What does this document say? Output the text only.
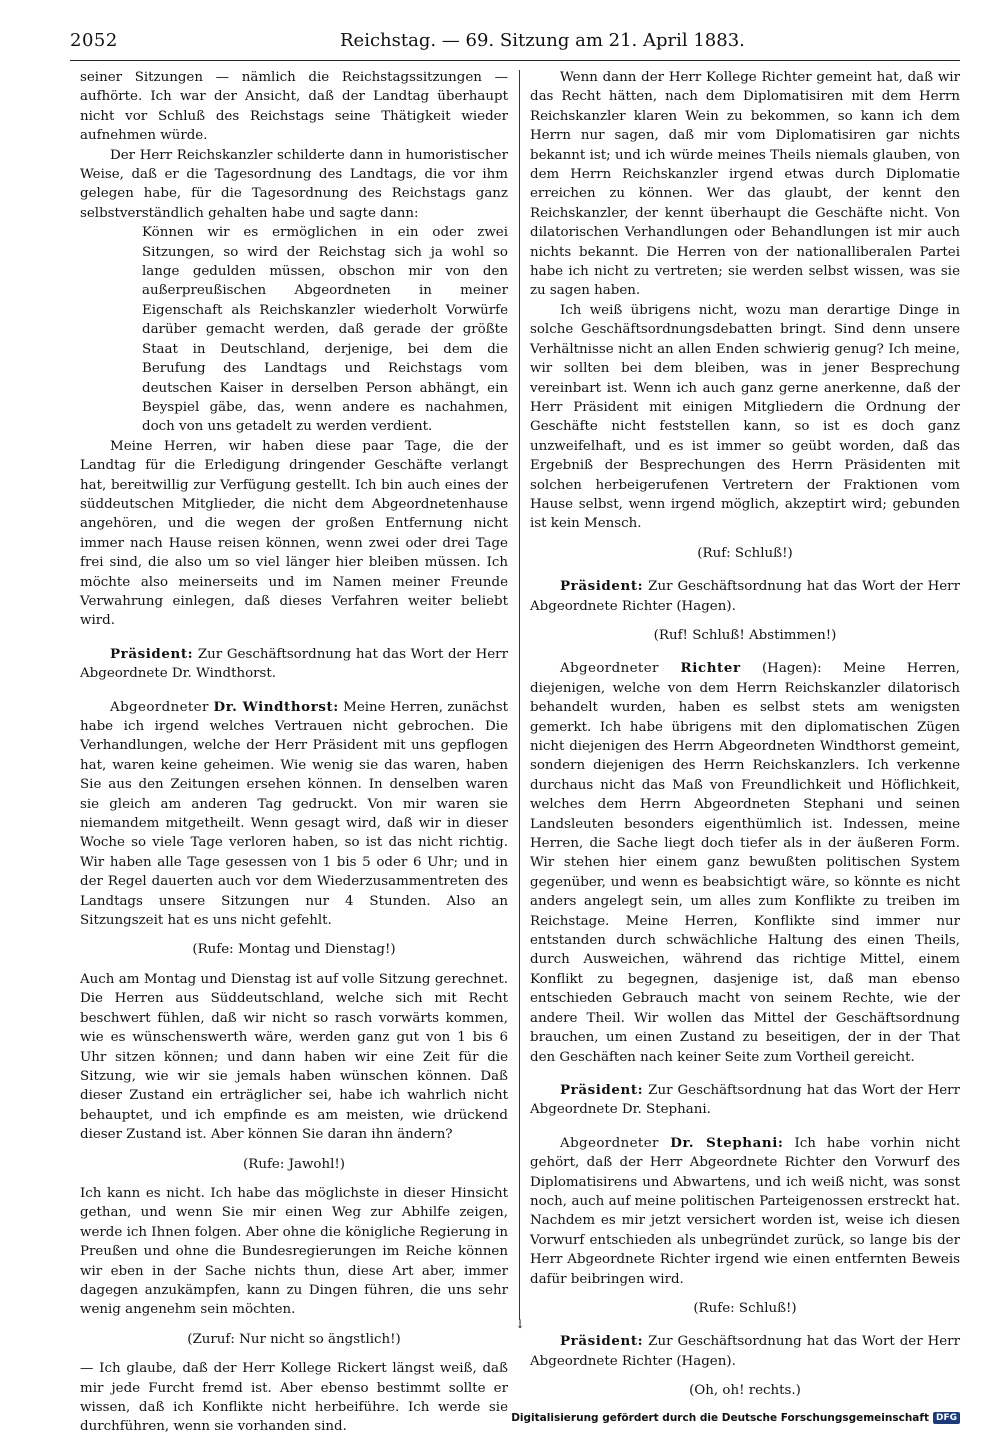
2052	Reichstag. — 69. Sitzung am 21. April 1883.

seiner Sitzungen — nämlich die Reichstagssitzungen — aufhörte. Ich war der Ansicht, daß der Landtag überhaupt nicht vor Schluß des Reichstags seine Thätigkeit wieder aufnehmen würde.

Der Herr Reichskanzler schilderte dann in humoristischer Weise, daß er die Tagesordnung des Landtags, die vor ihm gelegen habe, für die Tagesordnung des Reichstags ganz selbstverständlich gehalten habe und sagte dann:

Können wir es ermöglichen in ein oder zwei Sitzungen, so wird der Reichstag sich ja wohl so lange gedulden müssen, obschon mir von den außerpreußischen Abgeordneten in meiner Eigenschaft als Reichskanzler wiederholt Vorwürfe darüber gemacht werden, daß gerade der größte Staat in Deutschland, derjenige, bei dem die Berufung des Landtags und Reichstags vom deutschen Kaiser in derselben Person abhängt, ein Beyspiel gäbe, das, wenn andere es nachahmen, doch von uns getadelt zu werden verdient.

Meine Herren, wir haben diese paar Tage, die der Landtag für die Erledigung dringender Geschäfte verlangt hat, bereitwillig zur Verfügung gestellt. Ich bin auch eines der süddeutschen Mitglieder, die nicht dem Abgeordnetenhause angehören, und die wegen der großen Entfernung nicht immer nach Hause reisen können, wenn zwei oder drei Tage frei sind, die also um so viel länger hier bleiben müssen. Ich möchte also meinerseits und im Namen meiner Freunde Verwahrung einlegen, daß dieses Verfahren weiter beliebt wird.

Präsident: Zur Geschäftsordnung hat das Wort der Herr Abgeordnete Dr. Windthorst.

Abgeordneter Dr. Windthorst: Meine Herren, zunächst habe ich irgend welches Vertrauen nicht gebrochen. Die Verhandlungen, welche der Herr Präsident mit uns gepflogen hat, waren keine geheimen. Wie wenig sie das waren, haben Sie aus den Zeitungen ersehen können. In denselben waren sie gleich am anderen Tag gedruckt. Von mir waren sie niemandem mitgetheilt. Wenn gesagt wird, daß wir in dieser Woche so viele Tage verloren haben, so ist das nicht richtig. Wir haben alle Tage gesessen von 1 bis 5 oder 6 Uhr; und in der Regel dauerten auch vor dem Wiederzusammentreten des Landtags unsere Sitzungen nur 4 Stunden. Also an Sitzungszeit hat es uns nicht gefehlt.

(Rufe: Montag und Dienstag!)

Auch am Montag und Dienstag ist auf volle Sitzung gerechnet. Die Herren aus Süddeutschland, welche sich mit Recht beschwert fühlen, daß wir nicht so rasch vorwärts kommen, wie es wünschenswerth wäre, werden ganz gut von 1 bis 6 Uhr sitzen können; und dann haben wir eine Zeit für die Sitzung, wie wir sie jemals haben wünschen können. Daß dieser Zustand ein erträglicher sei, habe ich wahrlich nicht behauptet, und ich empfinde es am meisten, wie drückend dieser Zustand ist. Aber können Sie daran ihn ändern?

(Rufe: Jawohl!)

Ich kann es nicht. Ich habe das möglichste in dieser Hinsicht gethan, und wenn Sie mir einen Weg zur Abhilfe zeigen, werde ich Ihnen folgen. Aber ohne die königliche Regierung in Preußen und ohne die Bundesregierungen im Reiche können wir eben in der Sache nichts thun, diese Art aber, immer dagegen anzukämpfen, kann zu Dingen führen, die uns sehr wenig angenehm sein möchten.

(Zuruf: Nur nicht so ängstlich!)

— Ich glaube, daß der Herr Kollege Rickert längst weiß, daß mir jede Furcht fremd ist. Aber ebenso bestimmt sollte er wissen, daß ich Konflikte nicht herbeiführe. Ich werde sie durchführen, wenn sie vorhanden sind.

↓

Wenn dann der Herr Kollege Richter gemeint hat, daß wir das Recht hätten, nach dem Diplomatisiren mit dem Herrn Reichskanzler klaren Wein zu bekommen, so kann ich dem Herrn nur sagen, daß mir vom Diplomatisiren gar nichts bekannt ist; und ich würde meines Theils niemals glauben, von dem Herrn Reichskanzler irgend etwas durch Diplomatie erreichen zu können. Wer das glaubt, der kennt den Reichskanzler, der kennt überhaupt die Geschäfte nicht. Von dilatorischen Verhandlungen oder Behandlungen ist mir auch nichts bekannt. Die Herren von der nationalliberalen Partei habe ich nicht zu vertreten; sie werden selbst wissen, was sie zu sagen haben.

Ich weiß übrigens nicht, wozu man derartige Dinge in solche Geschäftsordnungsdebatten bringt. Sind denn unsere Verhältnisse nicht an allen Enden schwierig genug? Ich meine, wir sollten bei dem bleiben, was in jener Besprechung vereinbart ist. Wenn ich auch ganz gerne anerkenne, daß der Herr Präsident mit einigen Mitgliedern die Ordnung der Geschäfte nicht feststellen kann, so ist es doch ganz unzweifelhaft, und es ist immer so geübt worden, daß das Ergebniß der Besprechungen des Herrn Präsidenten mit solchen herbeigerufenen Vertretern der Fraktionen vom Hause selbst, wenn irgend möglich, akzeptirt wird; gebunden ist kein Mensch.

(Ruf: Schluß!)

Präsident: Zur Geschäftsordnung hat das Wort der Herr Abgeordnete Richter (Hagen).

(Ruf! Schluß! Abstimmen!)

Abgeordneter Richter (Hagen): Meine Herren, diejenigen, welche von dem Herrn Reichskanzler dilatorisch behandelt wurden, haben es selbst stets am wenigsten gemerkt. Ich habe übrigens mit den diplomatischen Zügen nicht diejenigen des Herrn Abgeordneten Windthorst gemeint, sondern diejenigen des Herrn Reichskanzlers. Ich verkenne durchaus nicht das Maß von Freundlichkeit und Höflichkeit, welches dem Herrn Abgeordneten Stephani und seinen Landsleuten besonders eigenthümlich ist. Indessen, meine Herren, die Sache liegt doch tiefer als in der äußeren Form. Wir stehen hier einem ganz bewußten politischen System gegenüber, und wenn es beabsichtigt wäre, so könnte es nicht anders angelegt sein, um alles zum Konflikte zu treiben im Reichstage. Meine Herren, Konflikte sind immer nur entstanden durch schwächliche Haltung des einen Theils, durch Ausweichen, während das richtige Mittel, einem Konflikt zu begegnen, dasjenige ist, daß man ebenso entschieden Gebrauch macht von seinem Rechte, wie der andere Theil. Wir wollen das Mittel der Geschäftsordnung brauchen, um einen Zustand zu beseitigen, der in der That den Geschäften nach keiner Seite zum Vortheil gereicht.

Präsident: Zur Geschäftsordnung hat das Wort der Herr Abgeordnete Dr. Stephani.

Abgeordneter Dr. Stephani: Ich habe vorhin nicht gehört, daß der Herr Abgeordnete Richter den Vorwurf des Diplomatisirens und Abwartens, und ich weiß nicht, was sonst noch, auch auf meine politischen Parteigenossen erstreckt hat. Nachdem es mir jetzt versichert worden ist, weise ich diesen Vorwurf entschieden als unbegründet zurück, so lange bis der Herr Abgeordnete Richter irgend wie einen entfernten Beweis dafür beibringen wird.

(Rufe: Schluß!)

Präsident: Zur Geschäftsordnung hat das Wort der Herr Abgeordnete Richter (Hagen).

(Oh, oh! rechts.)

Digitalisierung gefördert durch die Deutsche Forschungsgemeinschaft DFG
